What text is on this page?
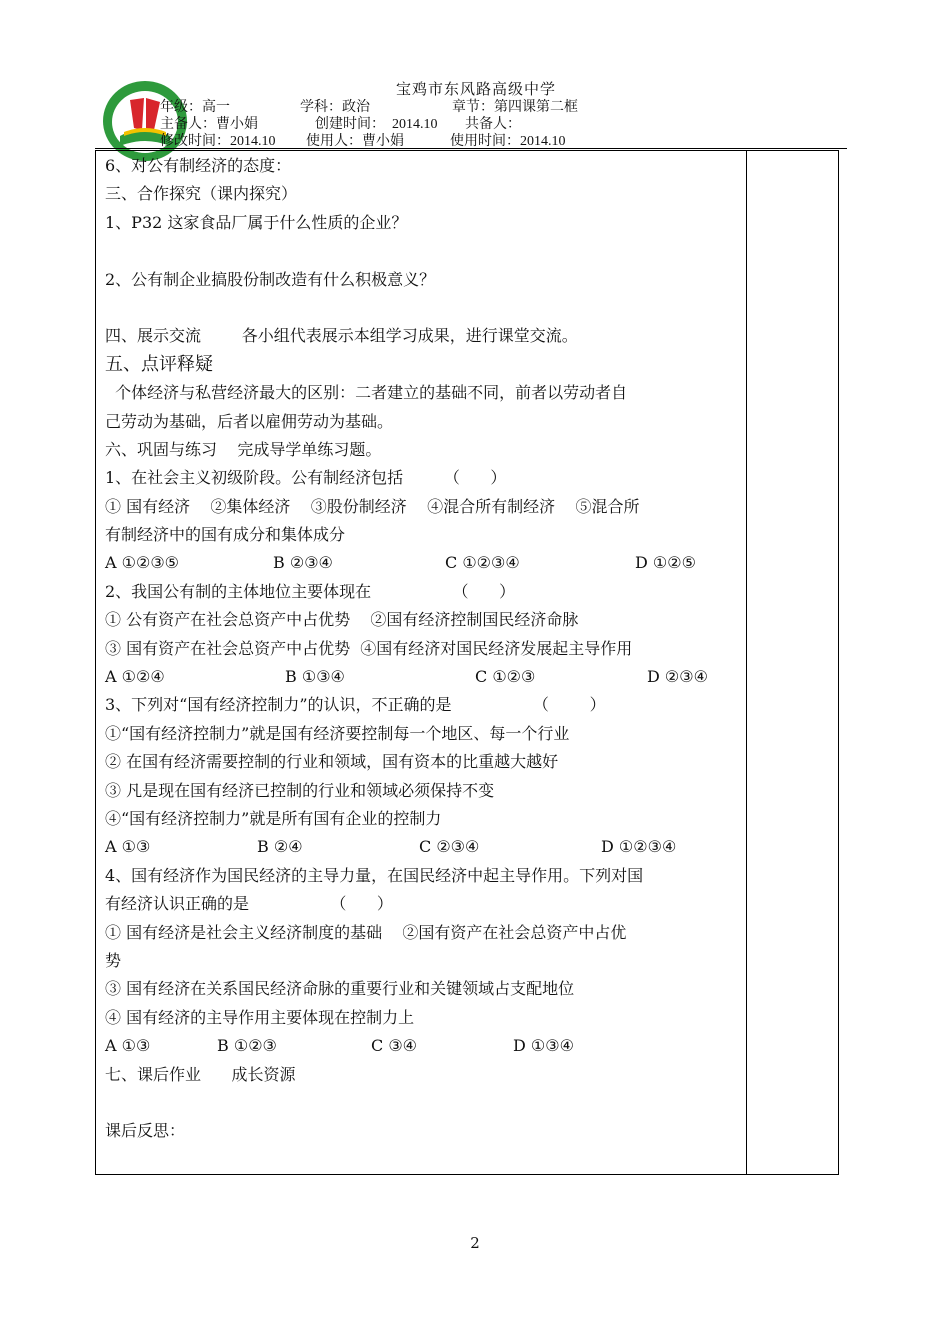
宝鸡市东风路高级中学
年级：高一	学科：政治	章节：第四课第二框
主备人：曹小娟	创建时间：  2014.10 共备人：
修改时间：2014.10 使用人：曹小娟	使用时间：2014.10
6、对公有制经济的态度：
三、合作探究（课内探究）
1、P32 这家食品厂属于什么性质的企业？
2、公有制企业搞股份制改造有什么积极意义？
四、展示交流        各小组代表展示本组学习成果，进行课堂交流。
五、点评释疑
个体经济与私营经济最大的区别：二者建立的基础不同，前者以劳动者自
己劳动为基础，后者以雇佣劳动为基础。
六、巩固与练习    完成导学单练习题。
1、在社会主义初级阶段。公有制经济包括        （      ）
① 国有经济    ②集体经济    ③股份制经济    ④混合所有制经济    ⑤混合所
有制经济中的国有成分和集体成分
A ①②③⑤	B ②③④	C ①②③④	D ①②⑤
2、我国公有制的主体地位主要体现在                （      ）
① 公有资产在社会总资产中占优势    ②国有经济控制国民经济命脉
③ 国有资产在社会总资产中占优势  ④国有经济对国民经济发展起主导作用
A ①②④	B ①③④	C ①②③	D ②③④
3、下列对“国有经济控制力”的认识，不正确的是                （        ）
①“国有经济控制力”就是国有经济要控制每一个地区、每一个行业
② 在国有经济需要控制的行业和领域，国有资本的比重越大越好
③ 凡是现在国有经济已控制的行业和领域必须保持不变
④“国有经济控制力”就是所有国有企业的控制力
A ①③	B ②④	C ②③④	D ①②③④
4、国有经济作为国民经济的主导力量，在国民经济中起主导作用。下列对国
有经济认识正确的是                （      ）
① 国有经济是社会主义经济制度的基础    ②国有资产在社会总资产中占优
势
③ 国有经济在关系国民经济命脉的重要行业和关键领域占支配地位
④ 国有经济的主导作用主要体现在控制力上
A ①③	B ①②③	C ③④	D ①③④
七、课后作业      成长资源
课后反思：
2
